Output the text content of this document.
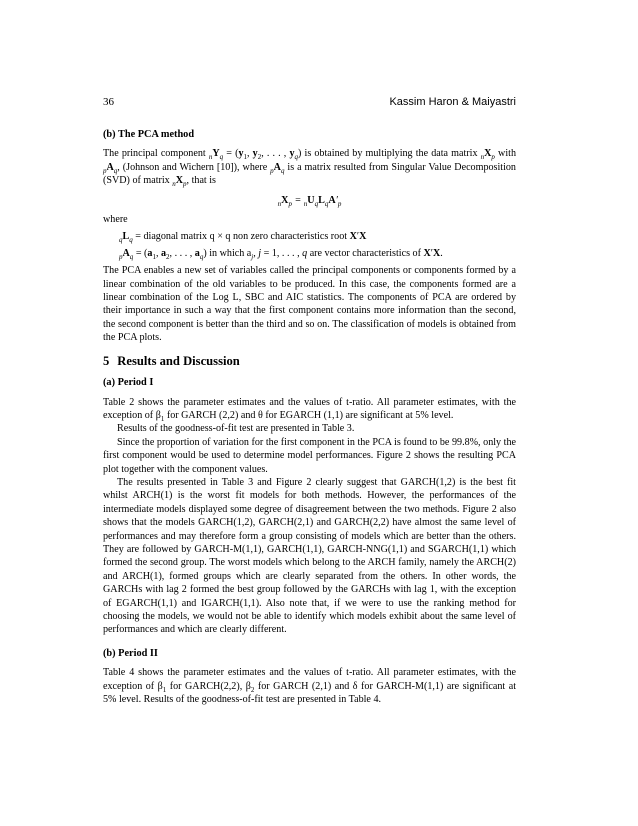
36	Kassim Haron & Maiyastri
(b) The PCA method

The principal component $_nY_q = (y_1$, $y_2$, . . . , $y_q$) is obtained by multiplying the data matrix $_nX_p$ with $_pA_q$, (Johnson and Wichern [10]), where $_pA_q$ is a matrix resulted from Singular Value Decomposition (SVD) of matrix $_nX_p$, that is

$_nX_p = _nU_qL_qA'_p$
where
$_qL_q$ = diagonal matrix q × q non zero characteristics root X′X
$_pA_q = (a_1$, $a_2$, . . . , $a_q$) in which $a_j$, j = 1, . . . , q are vector characteristics of X′X.

The PCA enables a new set of variables called the principal components or components formed by a linear combination of the old variables to be produced. In this case, the components formed are a linear combination of the Log L, SBC and AIC statistics. The components of PCA are ordered by their importance in such a way that the first component contains more information than the second, the second component is better than the third and so on. The classification of models is obtained from the PCA plots.

5 Results and Discussion
(a) Period I

Table 2 shows the parameter estimates and the values of t-ratio. All parameter estimates, with the exception of $\beta_1$ for GARCH (2,2) and θ for EGARCH (1,1) are significant at 5% level.

Results of the goodness-of-fit test are presented in Table 3.

Since the proportion of variation for the first component in the PCA is found to be 99.8%, only the first component would be used to determine model performances. Figure 2 shows the resulting PCA plot together with the component values.

The results presented in Table 3 and Figure 2 clearly suggest that GARCH(1,2) is the best fit whilst ARCH(1) is the worst fit models for both methods. However, the performances of the intermediate models displayed some degree of disagreement between the two methods. Figure 2 also shows that the models GARCH(1,2), GARCH(2,1) and GARCH(2,2) have almost the same level of performances and may therefore form a group consisting of models which are better than the others. They are followed by GARCH-M(1,1), GARCH(1,1), GARCH-NNG(1,1) and SGARCH(1,1) which formed the second group. The worst models which belong to the ARCH family, namely the ARCH(2) and ARCH(1), formed groups which are clearly separated from the others. In other words, the GARCHs with lag 2 formed the best group followed by the GARCHs with lag 1, with the exception of EGARCH(1,1) and IGARCH(1,1). Also note that, if we were to use the ranking method for choosing the models, we would not be able to identify which models exhibit about the same level of performances and which are clearly different.

(b) Period II

Table 4 shows the parameter estimates and the values of t-ratio. All parameter estimates, with the exception of $\beta_1$ for GARCH(2,2), $\beta_2$ for GARCH (2,1) and δ for GARCH-M(1,1) are significant at 5% level. Results of the goodness-of-fit test are presented in Table 4.
